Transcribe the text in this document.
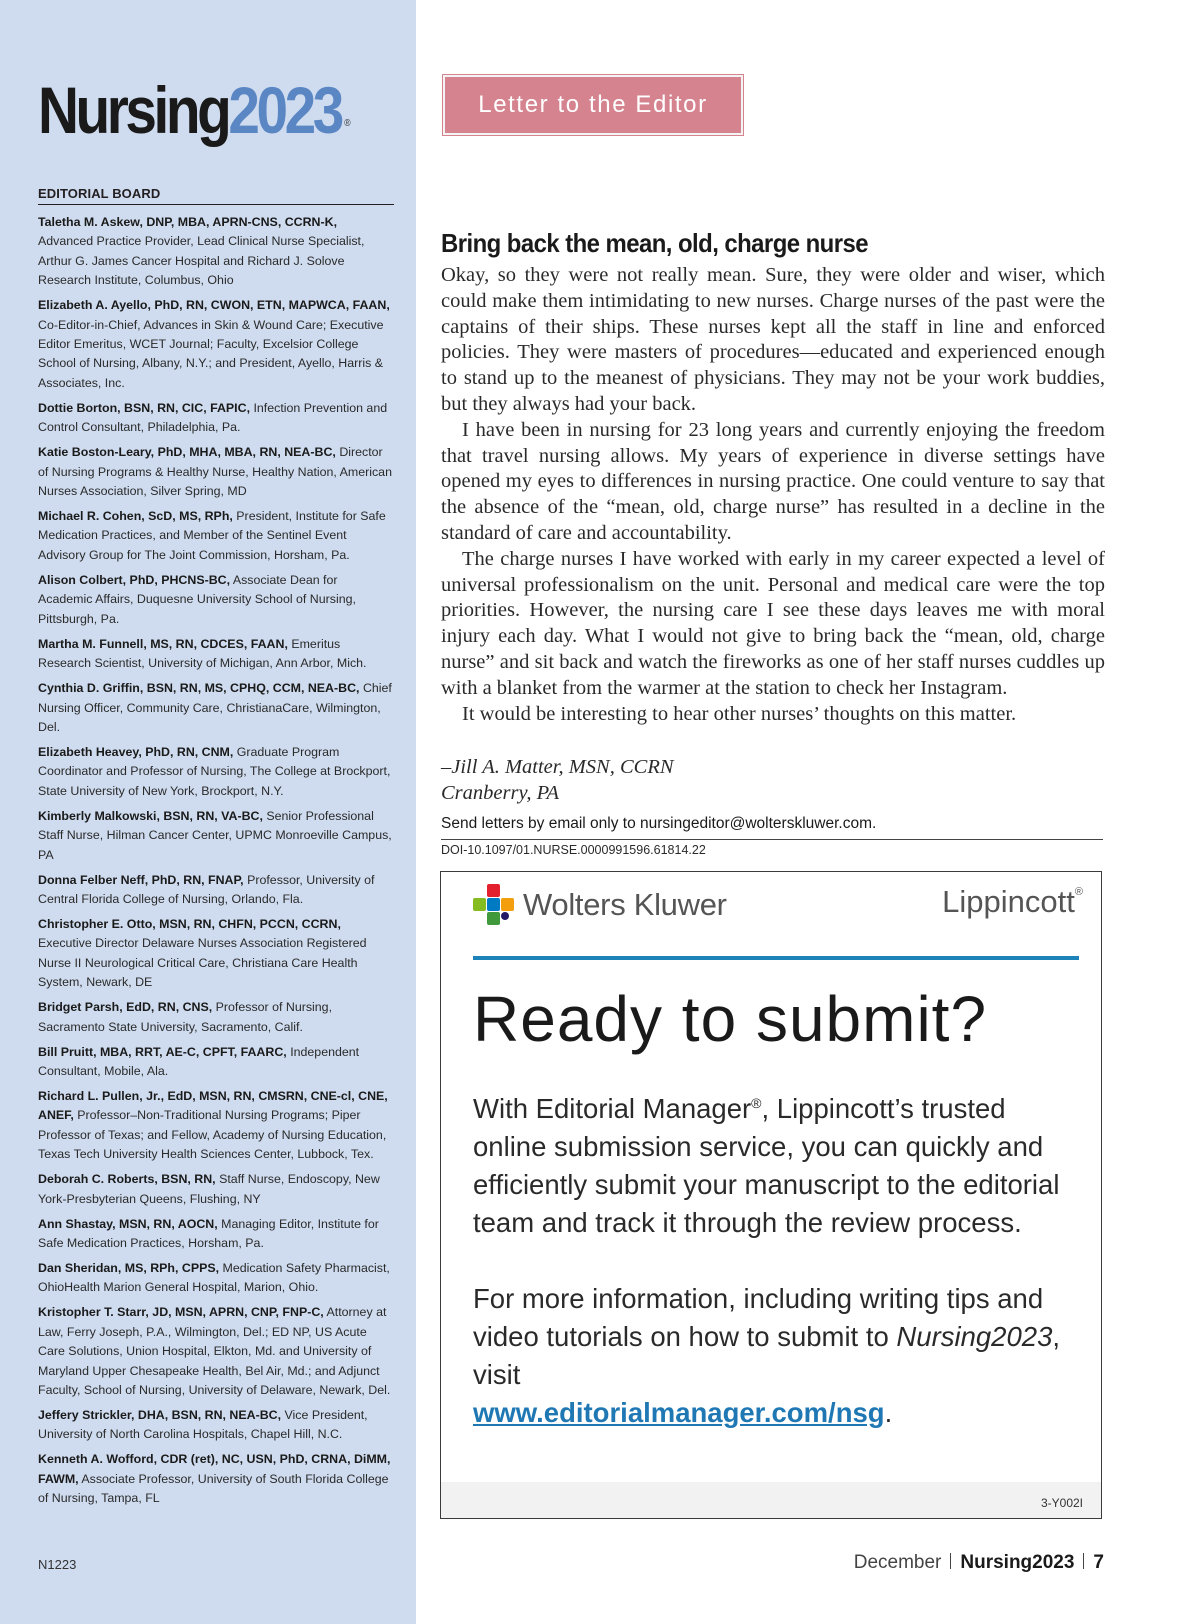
Nursing2023 ®
EDITORIAL BOARD
Taletha M. Askew, DNP, MBA, APRN-CNS, CCRN-K, Advanced Practice Provider, Lead Clinical Nurse Specialist, Arthur G. James Cancer Hospital and Richard J. Solove Research Institute, Columbus, Ohio
Elizabeth A. Ayello, PhD, RN, CWON, ETN, MAPWCA, FAAN, Co-Editor-in-Chief, Advances in Skin & Wound Care; Executive Editor Emeritus, WCET Journal; Faculty, Excelsior College School of Nursing, Albany, N.Y.; and President, Ayello, Harris & Associates, Inc.
Dottie Borton, BSN, RN, CIC, FAPIC, Infection Prevention and Control Consultant, Philadelphia, Pa.
Katie Boston-Leary, PhD, MHA, MBA, RN, NEA-BC, Director of Nursing Programs & Healthy Nurse, Healthy Nation, American Nurses Association, Silver Spring, MD
Michael R. Cohen, ScD, MS, RPh, President, Institute for Safe Medication Practices, and Member of the Sentinel Event Advisory Group for The Joint Commission, Horsham, Pa.
Alison Colbert, PhD, PHCNS-BC, Associate Dean for Academic Affairs, Duquesne University School of Nursing, Pittsburgh, Pa.
Martha M. Funnell, MS, RN, CDCES, FAAN, Emeritus Research Scientist, University of Michigan, Ann Arbor, Mich.
Cynthia D. Griffin, BSN, RN, MS, CPHQ, CCM, NEA-BC, Chief Nursing Officer, Community Care, ChristianaCare, Wilmington, Del.
Elizabeth Heavey, PhD, RN, CNM, Graduate Program Coordinator and Professor of Nursing, The College at Brockport, State University of New York, Brockport, N.Y.
Kimberly Malkowski, BSN, RN, VA-BC, Senior Professional Staff Nurse, Hilman Cancer Center, UPMC Monroeville Campus, PA
Donna Felber Neff, PhD, RN, FNAP, Professor, University of Central Florida College of Nursing, Orlando, Fla.
Christopher E. Otto, MSN, RN, CHFN, PCCN, CCRN, Executive Director Delaware Nurses Association Registered Nurse II Neurological Critical Care, Christiana Care Health System, Newark, DE
Bridget Parsh, EdD, RN, CNS, Professor of Nursing, Sacramento State University, Sacramento, Calif.
Bill Pruitt, MBA, RRT, AE-C, CPFT, FAARC, Independent Consultant, Mobile, Ala.
Richard L. Pullen, Jr., EdD, MSN, RN, CMSRN, CNE-cl, CNE, ANEF, Professor–Non-Traditional Nursing Programs; Piper Professor of Texas; and Fellow, Academy of Nursing Education, Texas Tech University Health Sciences Center, Lubbock, Tex.
Deborah C. Roberts, BSN, RN, Staff Nurse, Endoscopy, New York-Presbyterian Queens, Flushing, NY
Ann Shastay, MSN, RN, AOCN, Managing Editor, Institute for Safe Medication Practices, Horsham, Pa.
Dan Sheridan, MS, RPh, CPPS, Medication Safety Pharmacist, OhioHealth Marion General Hospital, Marion, Ohio.
Kristopher T. Starr, JD, MSN, APRN, CNP, FNP-C, Attorney at Law, Ferry Joseph, P.A., Wilmington, Del.; ED NP, US Acute Care Solutions, Union Hospital, Elkton, Md. and University of Maryland Upper Chesapeake Health, Bel Air, Md.; and Adjunct Faculty, School of Nursing, University of Delaware, Newark, Del.
Jeffery Strickler, DHA, BSN, RN, NEA-BC, Vice President, University of North Carolina Hospitals, Chapel Hill, N.C.
Kenneth A. Wofford, CDR (ret), NC, USN, PhD, CRNA, DiMM, FAWM, Associate Professor, University of South Florida College of Nursing, Tampa, FL
N1223
Letter to the Editor
Bring back the mean, old, charge nurse

Okay, so they were not really mean. Sure, they were older and wiser, which could make them intimidating to new nurses. Charge nurses of the past were the captains of their ships. These nurses kept all the staff in line and enforced policies. They were masters of procedures—educated and experienced enough to stand up to the meanest of physicians. They may not be your work buddies, but they always had your back.

I have been in nursing for 23 long years and currently enjoying the freedom that travel nursing allows. My years of experience in diverse settings have opened my eyes to differences in nursing practice. One could venture to say that the absence of the “mean, old, charge nurse” has resulted in a decline in the standard of care and accountability.

The charge nurses I have worked with early in my career expected a level of universal professionalism on the unit. Personal and medical care were the top priorities. However, the nursing care I see these days leaves me with moral injury each day. What I would not give to bring back the “mean, old, charge nurse” and sit back and watch the fireworks as one of her staff nurses cuddles up with a blanket from the warmer at the station to check her Instagram.

It would be interesting to hear other nurses’ thoughts on this matter.

–Jill A. Matter, MSN, CCRN
Cranberry, PA
Send letters by email only to nursingeditor@wolterskluwer.com.
DOI-10.1097/01.NURSE.0000991596.61814.22
Wolters Kluwer	Lippincott®
Ready to submit?

With Editorial Manager®, Lippincott’s trusted online submission service, you can quickly and efficiently submit your manuscript to the editorial team and track it through the review process.

For more information, including writing tips and video tutorials on how to submit to Nursing2023, visit
www.editorialmanager.com/nsg.

3-Y002I
December Nursing2023 7
